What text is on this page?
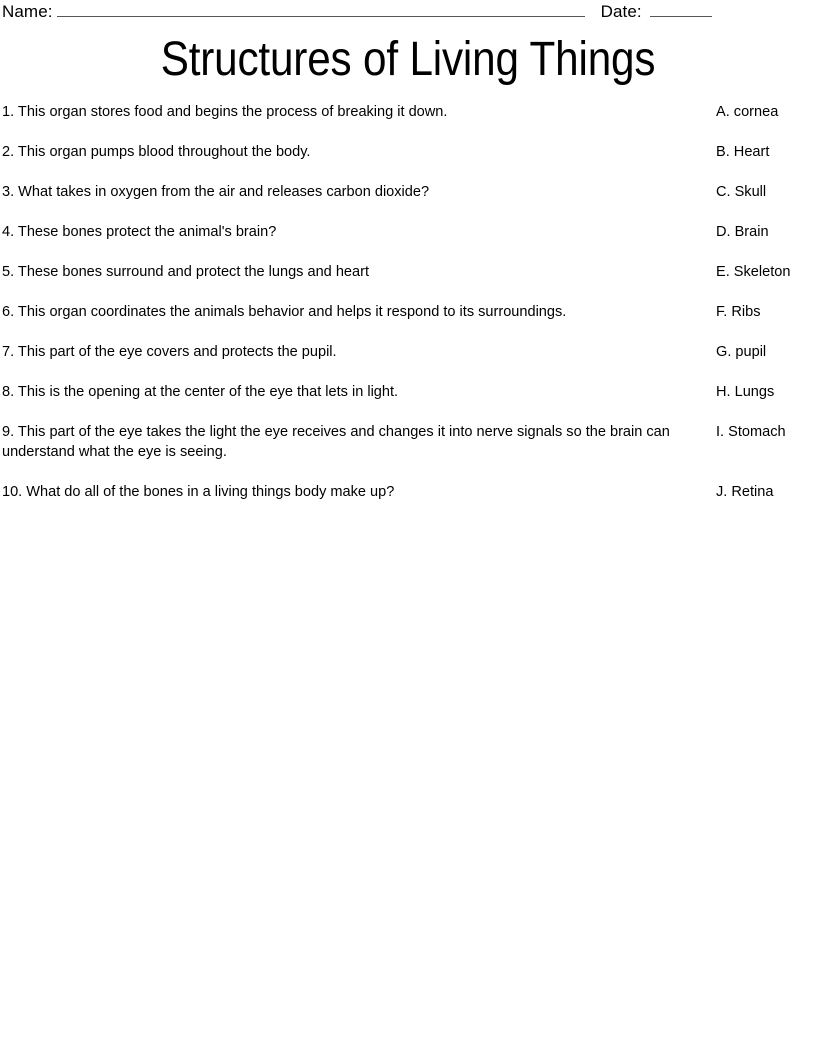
Name:	Date:
Structures of Living Things
1. This organ stores food and begins the process of breaking it down.	A. cornea
2. This organ pumps blood throughout the body.	B. Heart
3. What takes in oxygen from the air and releases carbon dioxide?	C. Skull
4. These bones protect the animal's brain?	D. Brain
5. These bones surround and protect the lungs and heart	E. Skeleton
6. This organ coordinates the animals behavior and helps it respond to its surroundings.	F. Ribs
7. This part of the eye covers and protects the pupil.	G. pupil
8. This is the opening at the center of the eye that lets in light.	H. Lungs
9. This part of the eye takes the light the eye receives and changes it into nerve signals so the brain can understand what the eye is seeing.
I. Stomach
10. What do all of the bones in a living things body make up?	J. Retina
